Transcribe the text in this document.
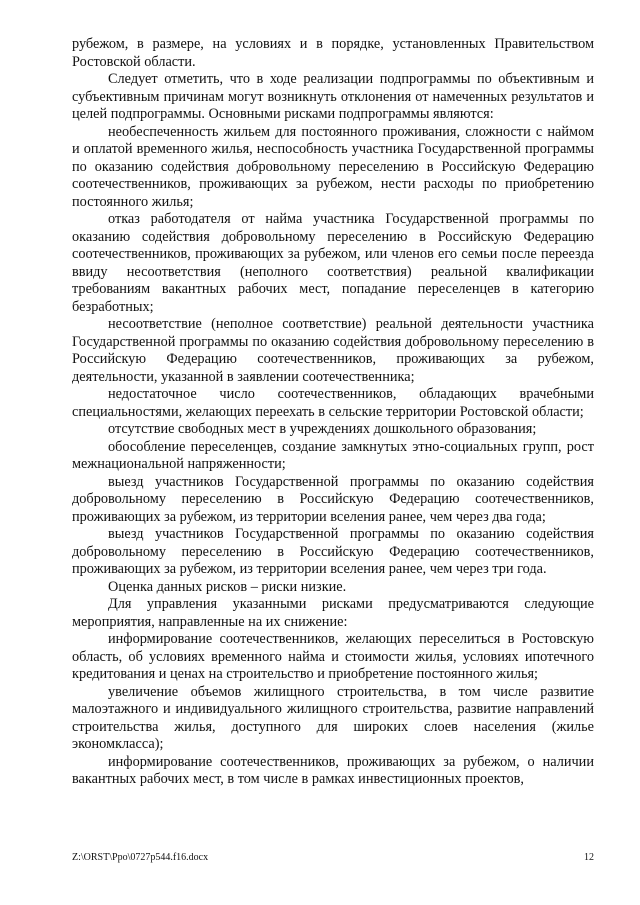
рубежом, в размере, на условиях и в порядке, установленных Правительством Ростовской области.

Следует отметить, что в ходе реализации подпрограммы по объективным и субъективным причинам могут возникнуть отклонения от намеченных результатов и целей подпрограммы. Основными рисками подпрограммы являются:

необеспеченность жильем для постоянного проживания, сложности с наймом и оплатой временного жилья, неспособность участника Государственной программы по оказанию содействия добровольному переселению в Российскую Федерацию соотечественников, проживающих за рубежом, нести расходы по приобретению постоянного жилья;

отказ работодателя от найма участника Государственной программы по оказанию содействия добровольному переселению в Российскую Федерацию соотечественников, проживающих за рубежом, или членов его семьи после переезда ввиду несоответствия (неполного соответствия) реальной квалификации требованиям вакантных рабочих мест, попадание переселенцев в категорию безработных;

несоответствие (неполное соответствие) реальной деятельности участника Государственной программы по оказанию содействия добровольному переселению в Российскую Федерацию соотечественников, проживающих за рубежом, деятельности, указанной в заявлении соотечественника;

недостаточное число соотечественников, обладающих врачебными специальностями, желающих переехать в сельские территории Ростовской области;

отсутствие свободных мест в учреждениях дошкольного образования;

обособление переселенцев, создание замкнутых этно-социальных групп, рост межнациональной напряженности;

выезд участников Государственной программы по оказанию содействия добровольному переселению в Российскую Федерацию соотечественников, проживающих за рубежом, из территории вселения ранее, чем через два года;

выезд участников Государственной программы по оказанию содействия добровольному переселению в Российскую Федерацию соотечественников, проживающих за рубежом, из территории вселения ранее, чем через три года.

Оценка данных рисков – риски низкие.

Для управления указанными рисками предусматриваются следующие мероприятия, направленные на их снижение:

информирование соотечественников, желающих переселиться в Ростовскую область, об условиях временного найма и стоимости жилья, условиях ипотечного кредитования и ценах на строительство и приобретение постоянного жилья;

увеличение объемов жилищного строительства, в том числе развитие малоэтажного и индивидуального жилищного строительства, развитие направлений строительства жилья, доступного для широких слоев населения (жилье экономкласса);

информирование соотечественников, проживающих за рубежом, о наличии вакантных рабочих мест, в том числе в рамках инвестиционных проектов,

Z:\ORST\Ppo\0727p544.f16.docx	12
